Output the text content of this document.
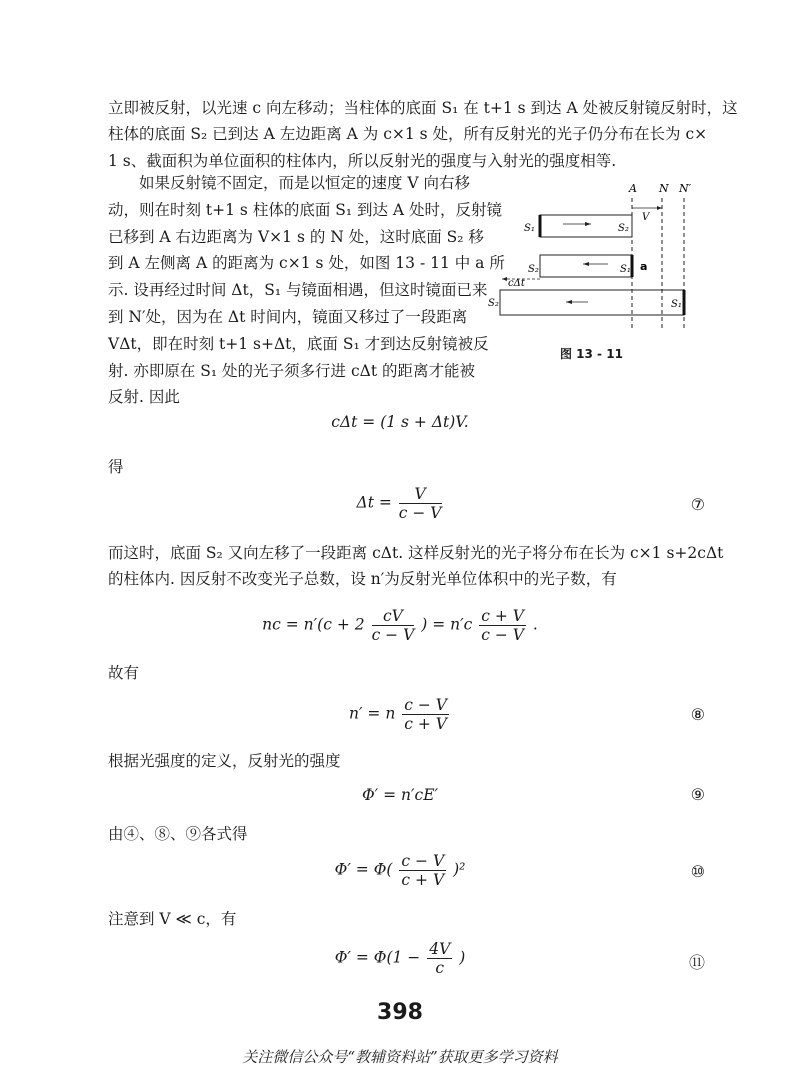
立即被反射，以光速 c 向左移动；当柱体的底面 S₁ 在 t+1 s 到达 A 处被反射镜反射时，这
柱体的底面 S₂ 已到达 A 左边距离 A 为 c×1 s 处，所有反射光的光子仍分布在长为 c×
1 s、截面积为单位面积的柱体内，所以反射光的强度与入射光的强度相等.
　　如果反射镜不固定，而是以恒定的速度 V 向右移
动，则在时刻 t+1 s 柱体的底面 S₁ 到达 A 处时，反射镜
已移到 A 右边距离为 V×1 s 的 N 处，这时底面 S₂ 移
到 A 左侧离 A 的距离为 c×1 s 处，如图 13 - 11 中 a 所
示. 设再经过时间 Δt，S₁ 与镜面相遇，但这时镜面已来
到 N′处，因为在 Δt 时间内，镜面又移过了一段距离
VΔt，即在时刻 t+1 s+Δt，底面 S₁ 才到达反射镜被反
射. 亦即原在 S₁ 处的光子须多行进 cΔt 的距离才能被
反射. 因此
A N N′
V
S₁	S₂
S₂	S₁ a
cΔt
S₂	S₁
图 13 - 11
cΔt = (1 s + Δt)V.
得
$\Delta t = \frac{V}{c - V}$	⑦
而这时，底面 S₂ 又向左移了一段距离 cΔt. 这样反射光的光子将分布在长为 c×1 s+2cΔt
的柱体内. 因反射不改变光子总数，设 n′为反射光单位体积中的光子数，有
nc = $n'(c + 2 \frac{cV}{c - V}$ ) = $n'c \frac{c + V}{c - V}$ .
故有
n′ = n $\frac{c - V}{c + V}$	⑧
根据光强度的定义，反射光的强度
Φ′ = n′cE′	⑨
由④、⑧、⑨各式得
$\Phi' = \Phi( \frac{c - V}{c + V} )^2$	⑩
注意到 V ≪ c，有
$\Phi' = \Phi(1 - \frac{4V}{c}$ )	⑪
398
关注微信公众号“教辅资料站”获取更多学习资料
